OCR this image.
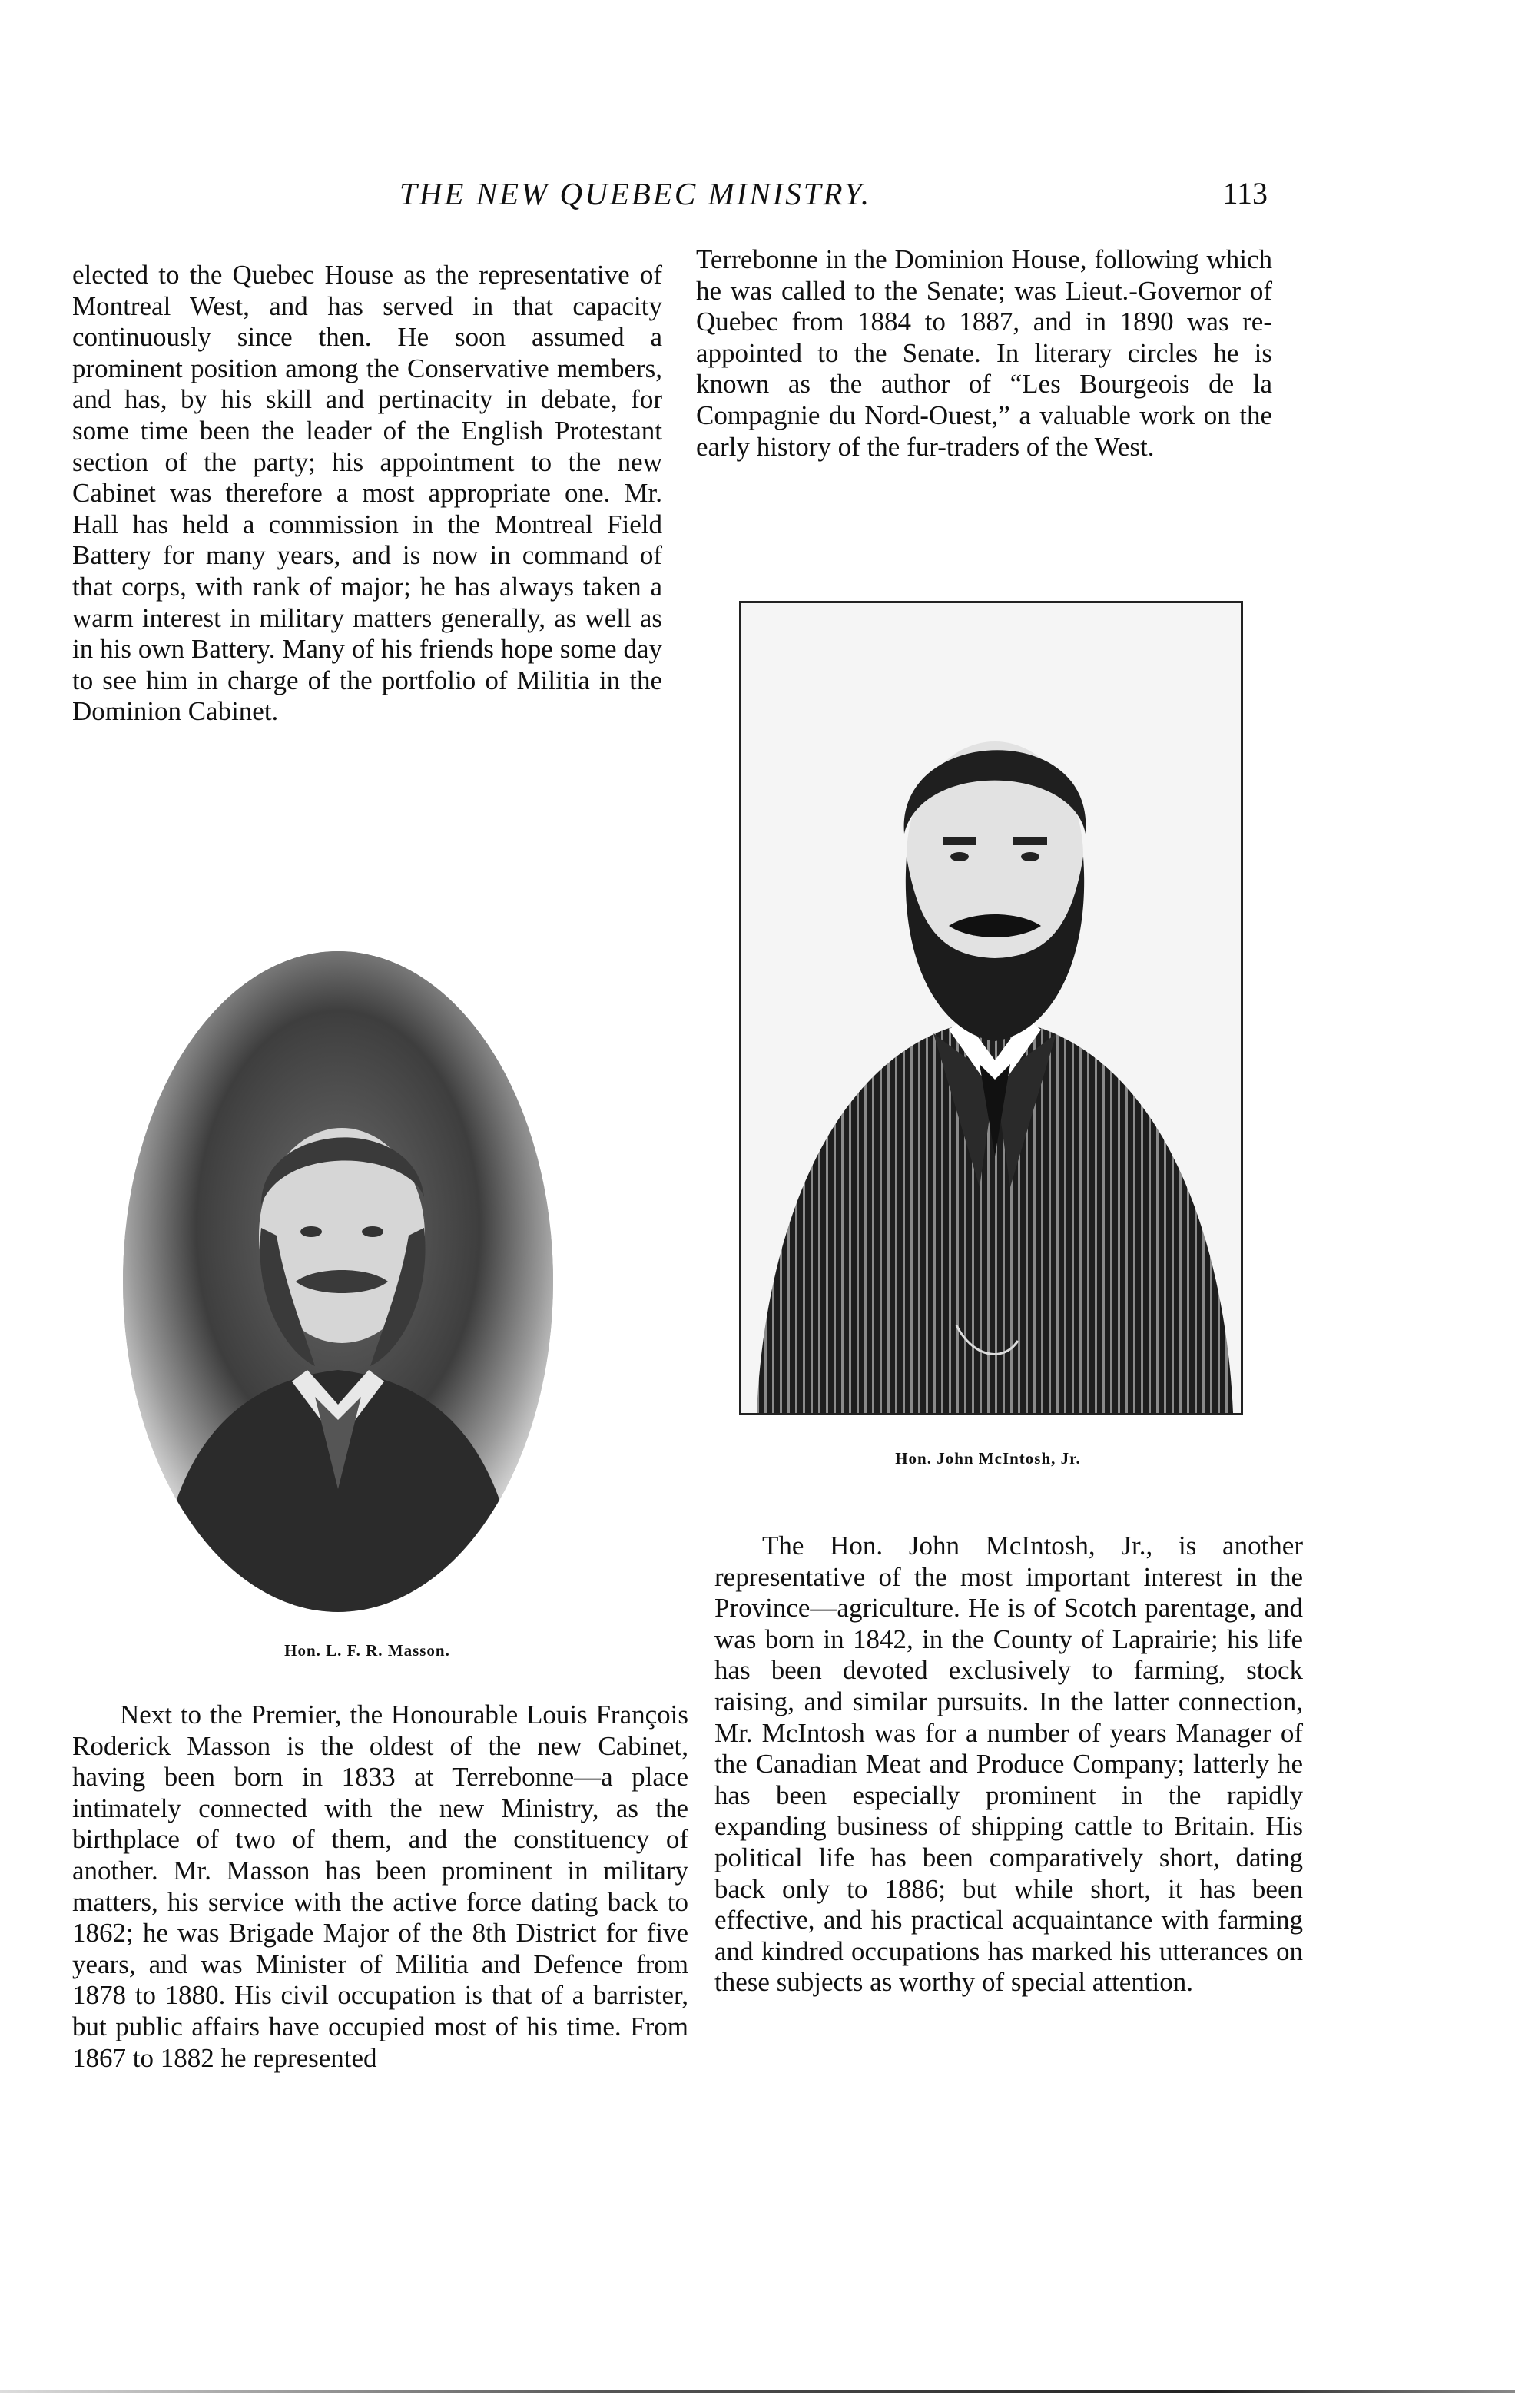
THE NEW QUEBEC MINISTRY.	113

elected to the Quebec House as the representative of Montreal West, and has served in that capacity continuously since then. He soon assumed a prominent position among the Conservative members, and has, by his skill and pertinacity in debate, for some time been the leader of the English Protestant section of the party; his appointment to the new Cabinet was therefore a most appropriate one. Mr. Hall has held a commission in the Montreal Field Battery for many years, and is now in command of that corps, with rank of major; he has always taken a warm interest in military matters generally, as well as in his own Battery. Many of his friends hope some day to see him in charge of the portfolio of Militia in the Dominion Cabinet.

Hon. L. F. R. Masson.

Next to the Premier, the Honourable Louis François Roderick Masson is the oldest of the new Cabinet, having been born in 1833 at Terrebonne—a place intimately connected with the new Ministry, as the birthplace of two of them, and the constituency of another. Mr. Masson has been prominent in military matters, his service with the active force dating back to 1862; he was Brigade Major of the 8th District for five years, and was Minister of Militia and Defence from 1878 to 1880. His civil occupation is that of a barrister, but public affairs have occupied most of his time. From 1867 to 1882 he represented

Terrebonne in the Dominion House, following which he was called to the Senate; was Lieut.-Governor of Quebec from 1884 to 1887, and in 1890 was re-appointed to the Senate. In literary circles he is known as the author of “Les Bourgeois de la Compagnie du Nord-Ouest,” a valuable work on the early history of the fur-traders of the West.

Hon. John McIntosh, Jr.

The Hon. John McIntosh, Jr., is another representative of the most important interest in the Province—agriculture. He is of Scotch parentage, and was born in 1842, in the County of Laprairie; his life has been devoted exclusively to farming, stock raising, and similar pursuits. In the latter connection, Mr. McIntosh was for a number of years Manager of the Canadian Meat and Produce Company; latterly he has been especially prominent in the rapidly expanding business of shipping cattle to Britain. His political life has been comparatively short, dating back only to 1886; but while short, it has been effective, and his practical acquaintance with farming and kindred occupations has marked his utterances on these subjects as worthy of special attention.
